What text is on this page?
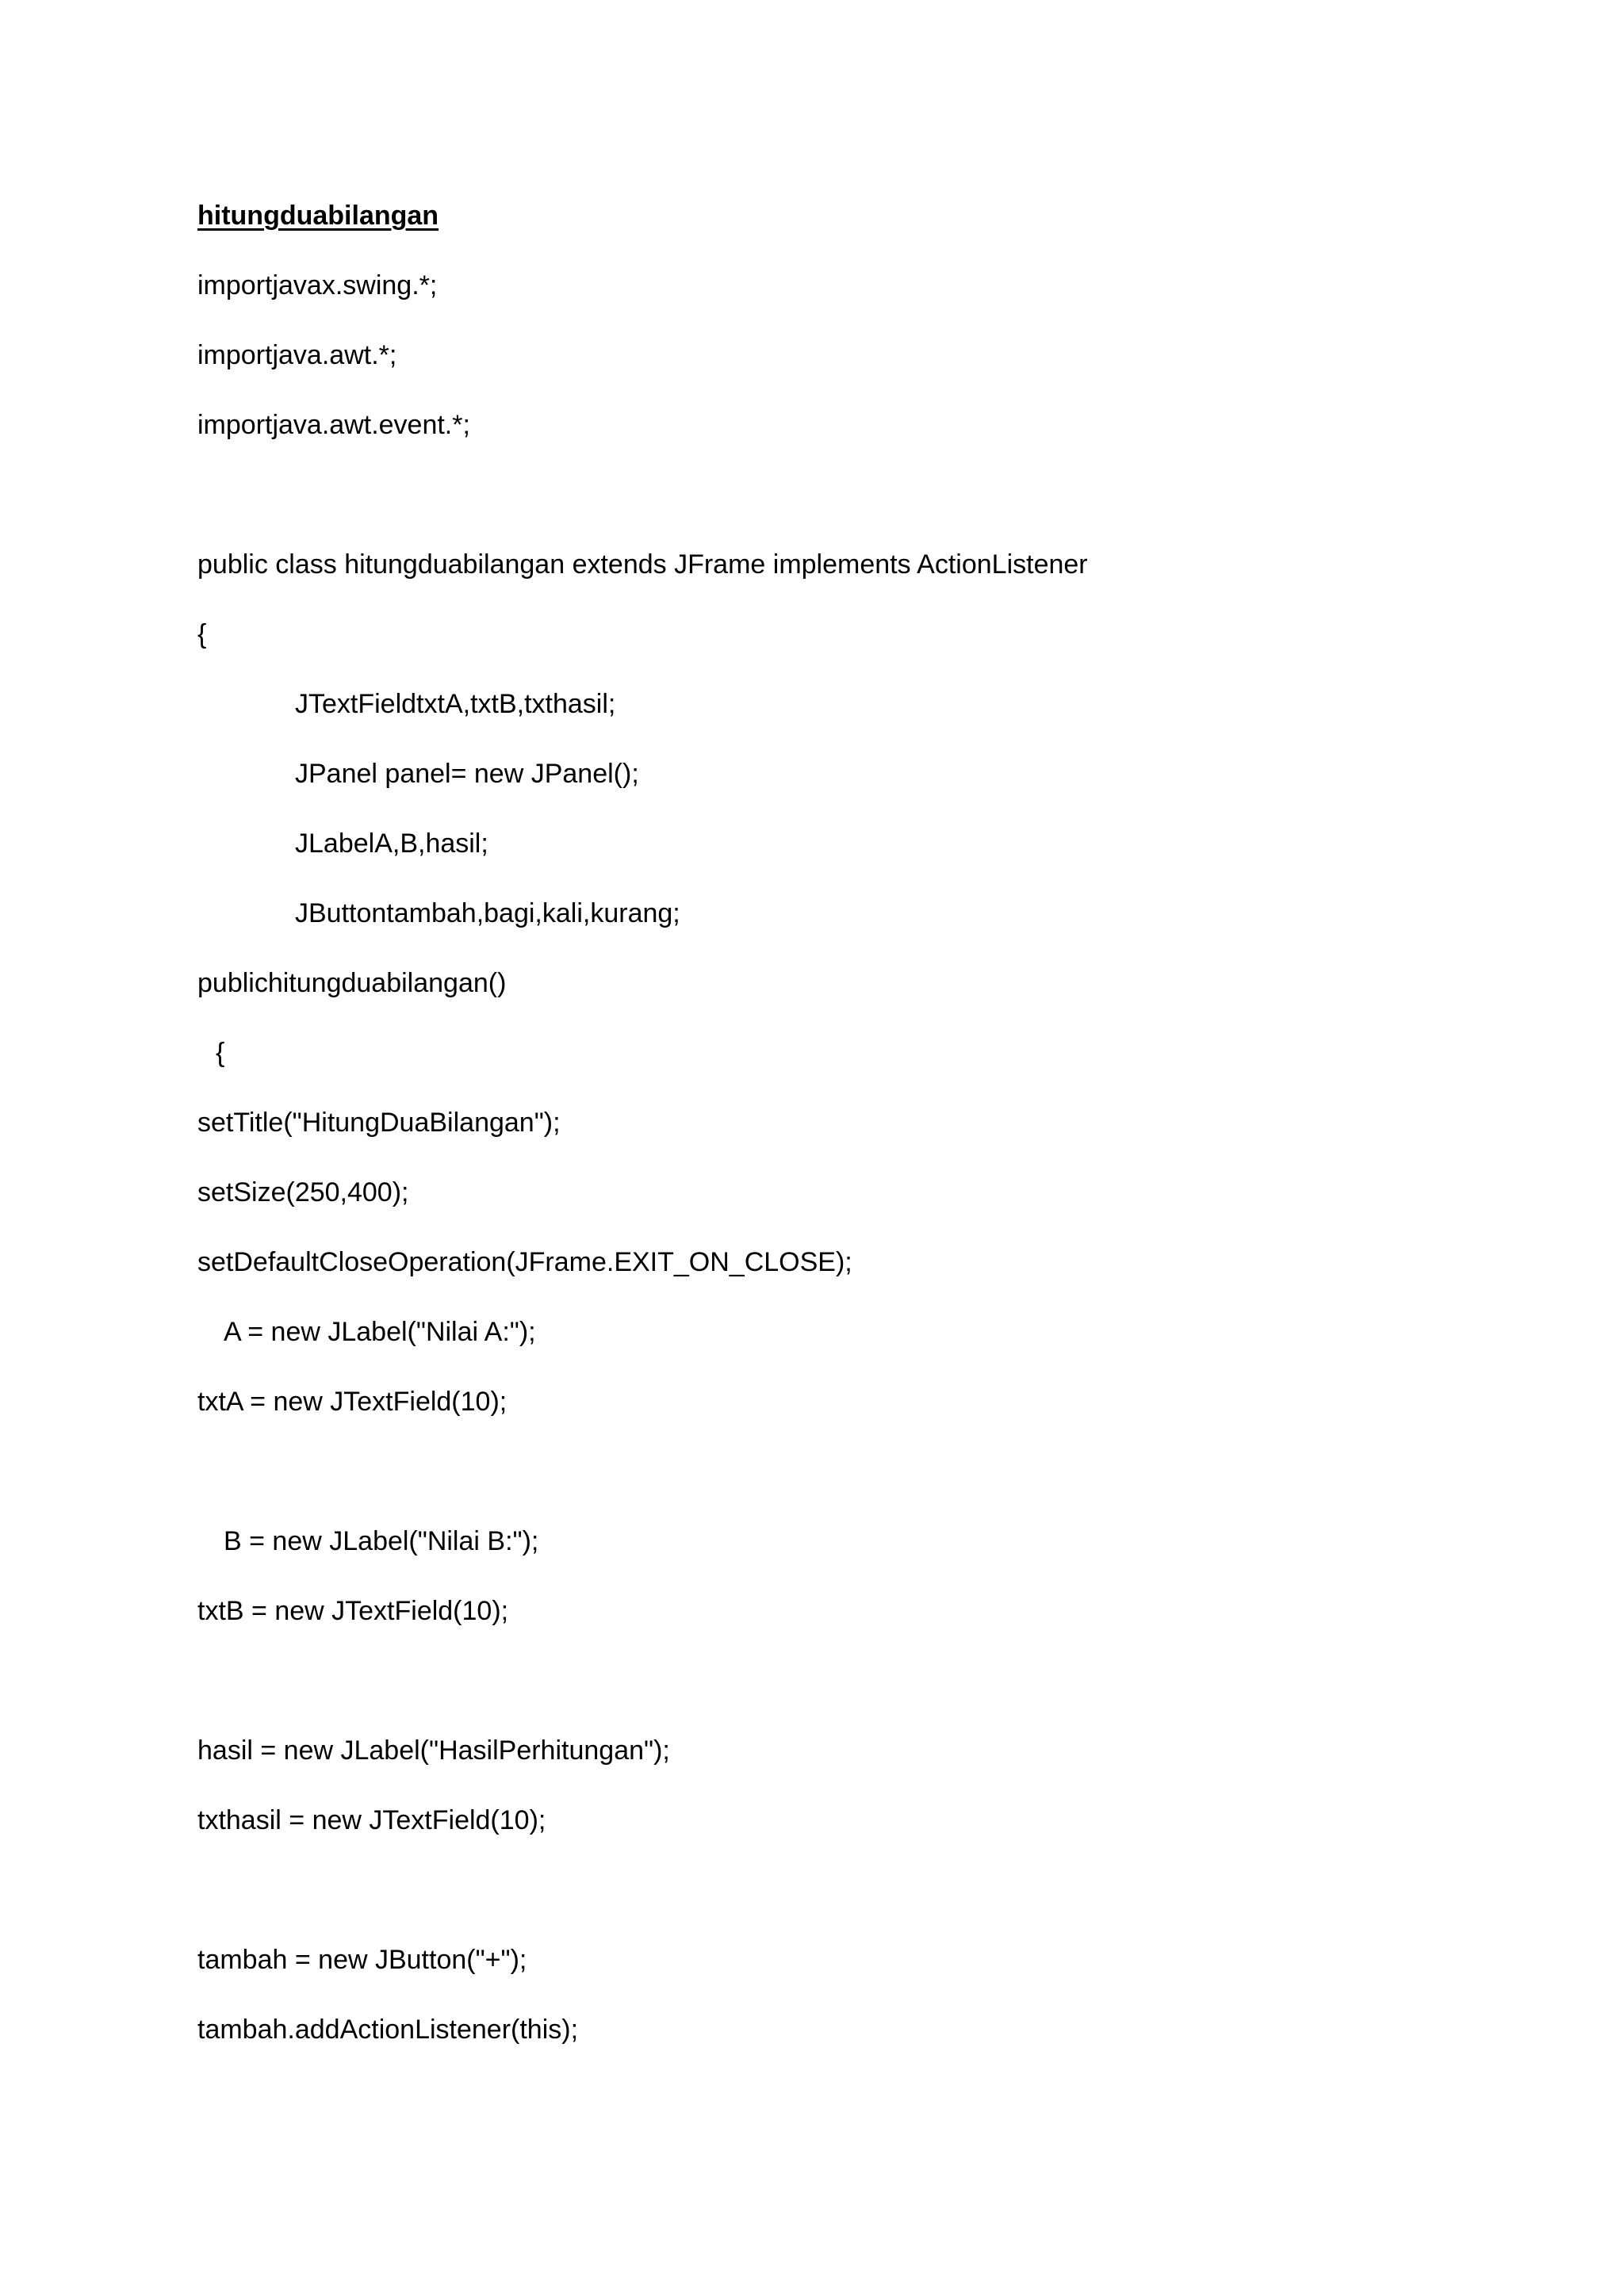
hitungduabilangan
importjavax.swing.*;
importjava.awt.*;
importjava.awt.event.*;
public class hitungduabilangan extends JFrame implements ActionListener
{
JTextFieldtxtA,txtB,txthasil;
JPanel panel= new JPanel();
JLabelA,B,hasil;
JButtontambah,bagi,kali,kurang;
publichitungduabilangan()
{
setTitle("HitungDuaBilangan");
setSize(250,400);
setDefaultCloseOperation(JFrame.EXIT_ON_CLOSE);
A = new JLabel("Nilai A:");
txtA = new JTextField(10);
B = new JLabel("Nilai B:");
txtB = new JTextField(10);
hasil = new JLabel("HasilPerhitungan");
txthasil = new JTextField(10);
tambah = new JButton("+");
tambah.addActionListener(this);
